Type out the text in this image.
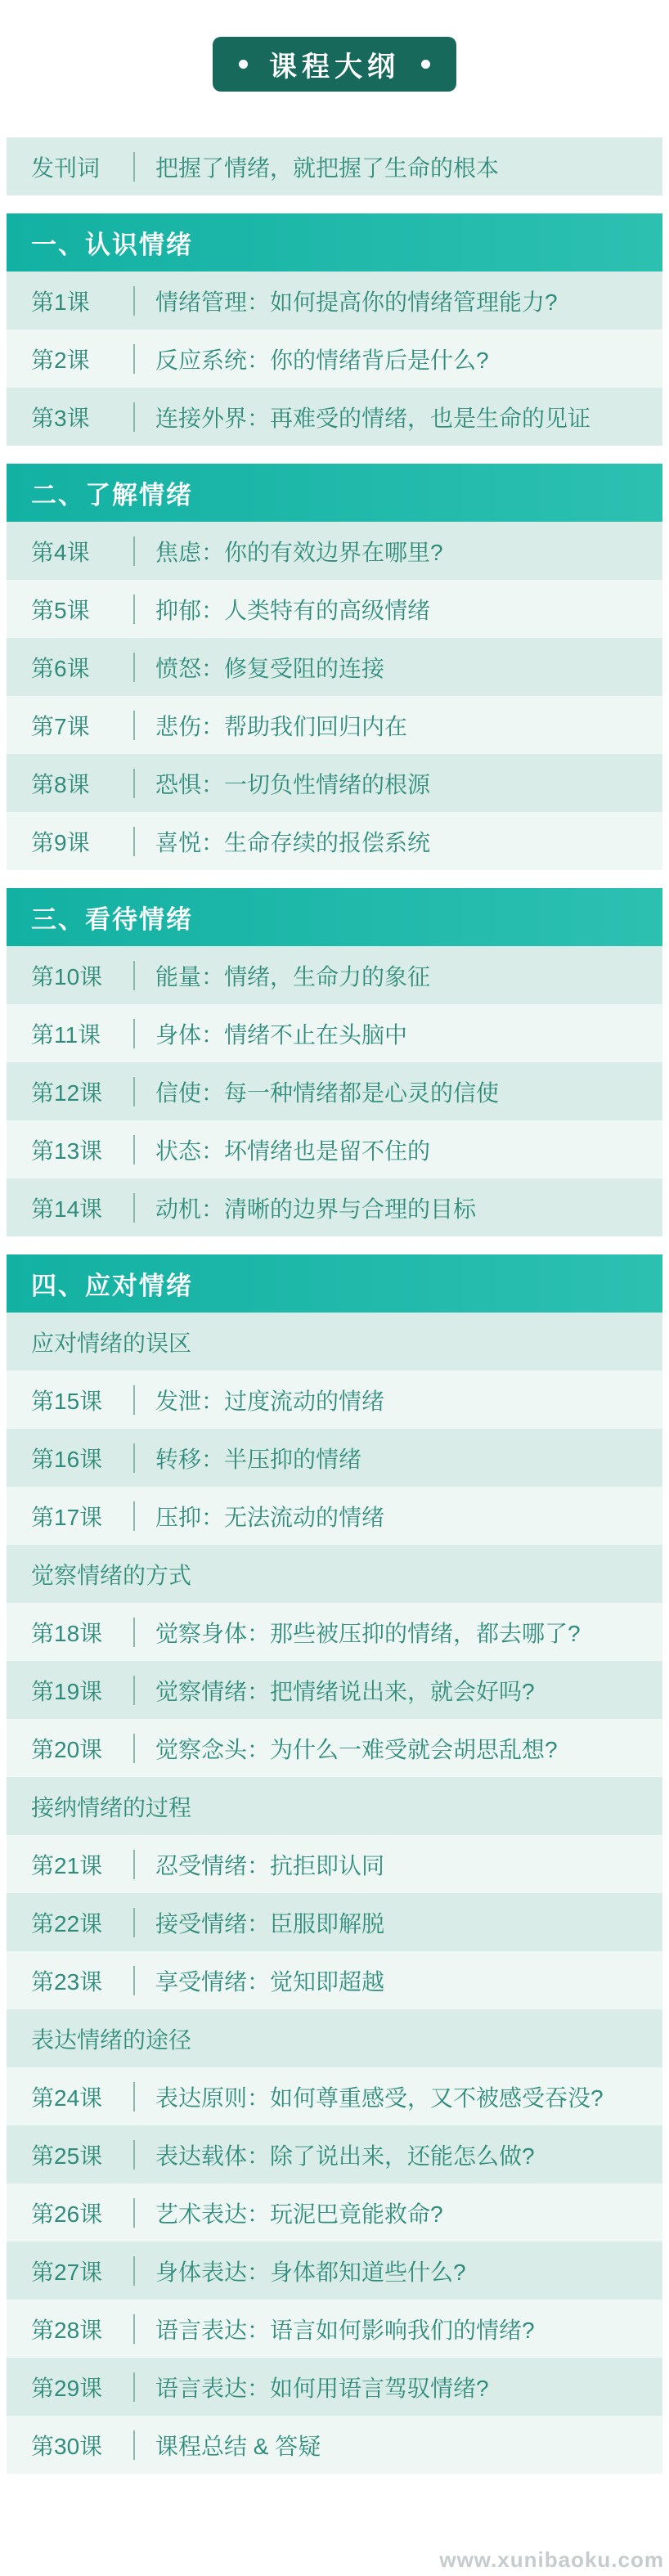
课程大纲
发刊词	把握了情绪，就把握了生命的根本
一、认识情绪
第1课	情绪管理：如何提高你的情绪管理能力?
第2课	反应系统：你的情绪背后是什么?
第3课	连接外界：再难受的情绪，也是生命的见证
二、了解情绪
第4课	焦虑：你的有效边界在哪里?
第5课	抑郁：人类特有的高级情绪
第6课	愤怒：修复受阻的连接
第7课	悲伤：帮助我们回归内在
第8课	恐惧：一切负性情绪的根源
第9课	喜悦：生命存续的报偿系统
三、看待情绪
第10课	能量：情绪，生命力的象征
第11课	身体：情绪不止在头脑中
第12课	信使：每一种情绪都是心灵的信使
第13课	状态：坏情绪也是留不住的
第14课	动机：清晰的边界与合理的目标
四、应对情绪
应对情绪的误区
第15课	发泄：过度流动的情绪
第16课	转移：半压抑的情绪
第17课	压抑：无法流动的情绪
觉察情绪的方式
第18课	觉察身体：那些被压抑的情绪，都去哪了?
第19课	觉察情绪：把情绪说出来，就会好吗?
第20课	觉察念头：为什么一难受就会胡思乱想?
接纳情绪的过程
第21课	忍受情绪：抗拒即认同
第22课	接受情绪：臣服即解脱
第23课	享受情绪：觉知即超越
表达情绪的途径
第24课	表达原则：如何尊重感受，又不被感受吞没?
第25课	表达载体：除了说出来，还能怎么做?
第26课	艺术表达：玩泥巴竟能救命?
第27课	身体表达：身体都知道些什么?
第28课	语言表达：语言如何影响我们的情绪?
第29课	语言表达：如何用语言驾驭情绪?
第30课	课程总结 & 答疑
www.xunibaoku.com
